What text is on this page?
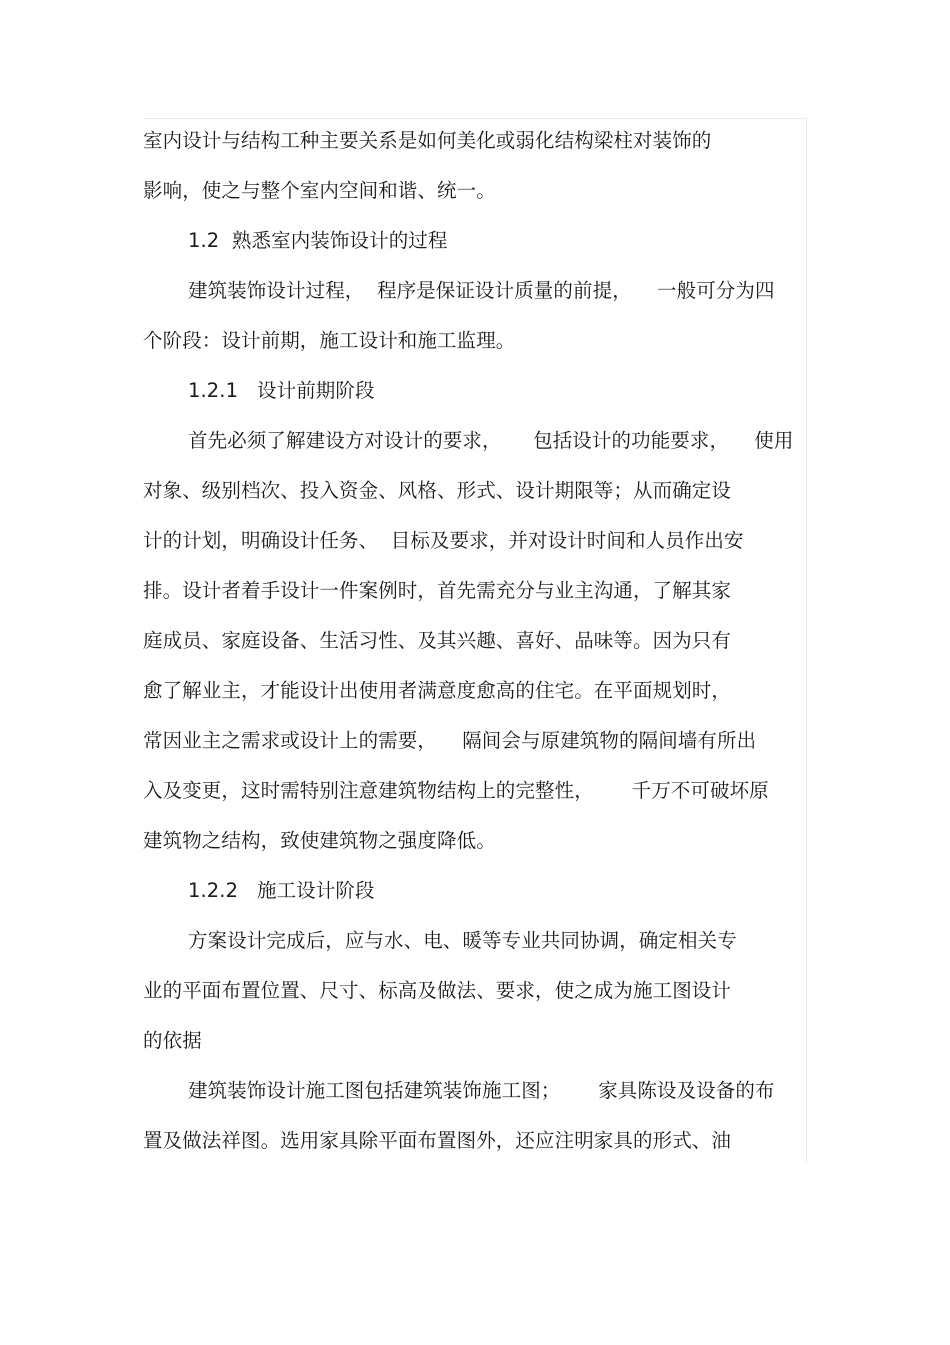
室内设计与结构工种主要关系是如何美化或弱化结构梁柱对装饰的
影响，使之与整个室内空间和谐、统一。
1.2  熟悉室内装饰设计的过程
建筑装饰设计过程，  程序是保证设计质量的前提，    一般可分为四
个阶段：设计前期，施工设计和施工监理。
1.2.1   设计前期阶段
首先必须了解建设方对设计的要求，     包括设计的功能要求，    使用
对象、级别档次、投入资金、风格、形式、设计期限等；从而确定设
计的计划，明确设计任务、  目标及要求，并对设计时间和人员作出安
排。设计者着手设计一件案例时，首先需充分与业主沟通，了解其家
庭成员、家庭设备、生活习性、及其兴趣、喜好、品味等。因为只有
愈了解业主，才能设计出使用者满意度愈高的住宅。在平面规划时，
常因业主之需求或设计上的需要，    隔间会与原建筑物的隔间墙有所出
入及变更，这时需特别注意建筑物结构上的完整性，      千万不可破坏原
建筑物之结构，致使建筑物之强度降低。
1.2.2   施工设计阶段
方案设计完成后，应与水、电、暖等专业共同协调，确定相关专
业的平面布置位置、尺寸、标高及做法、要求，使之成为施工图设计
的依据
建筑装饰设计施工图包括建筑装饰施工图；      家具陈设及设备的布
置及做法祥图。选用家具除平面布置图外，还应注明家具的形式、油
